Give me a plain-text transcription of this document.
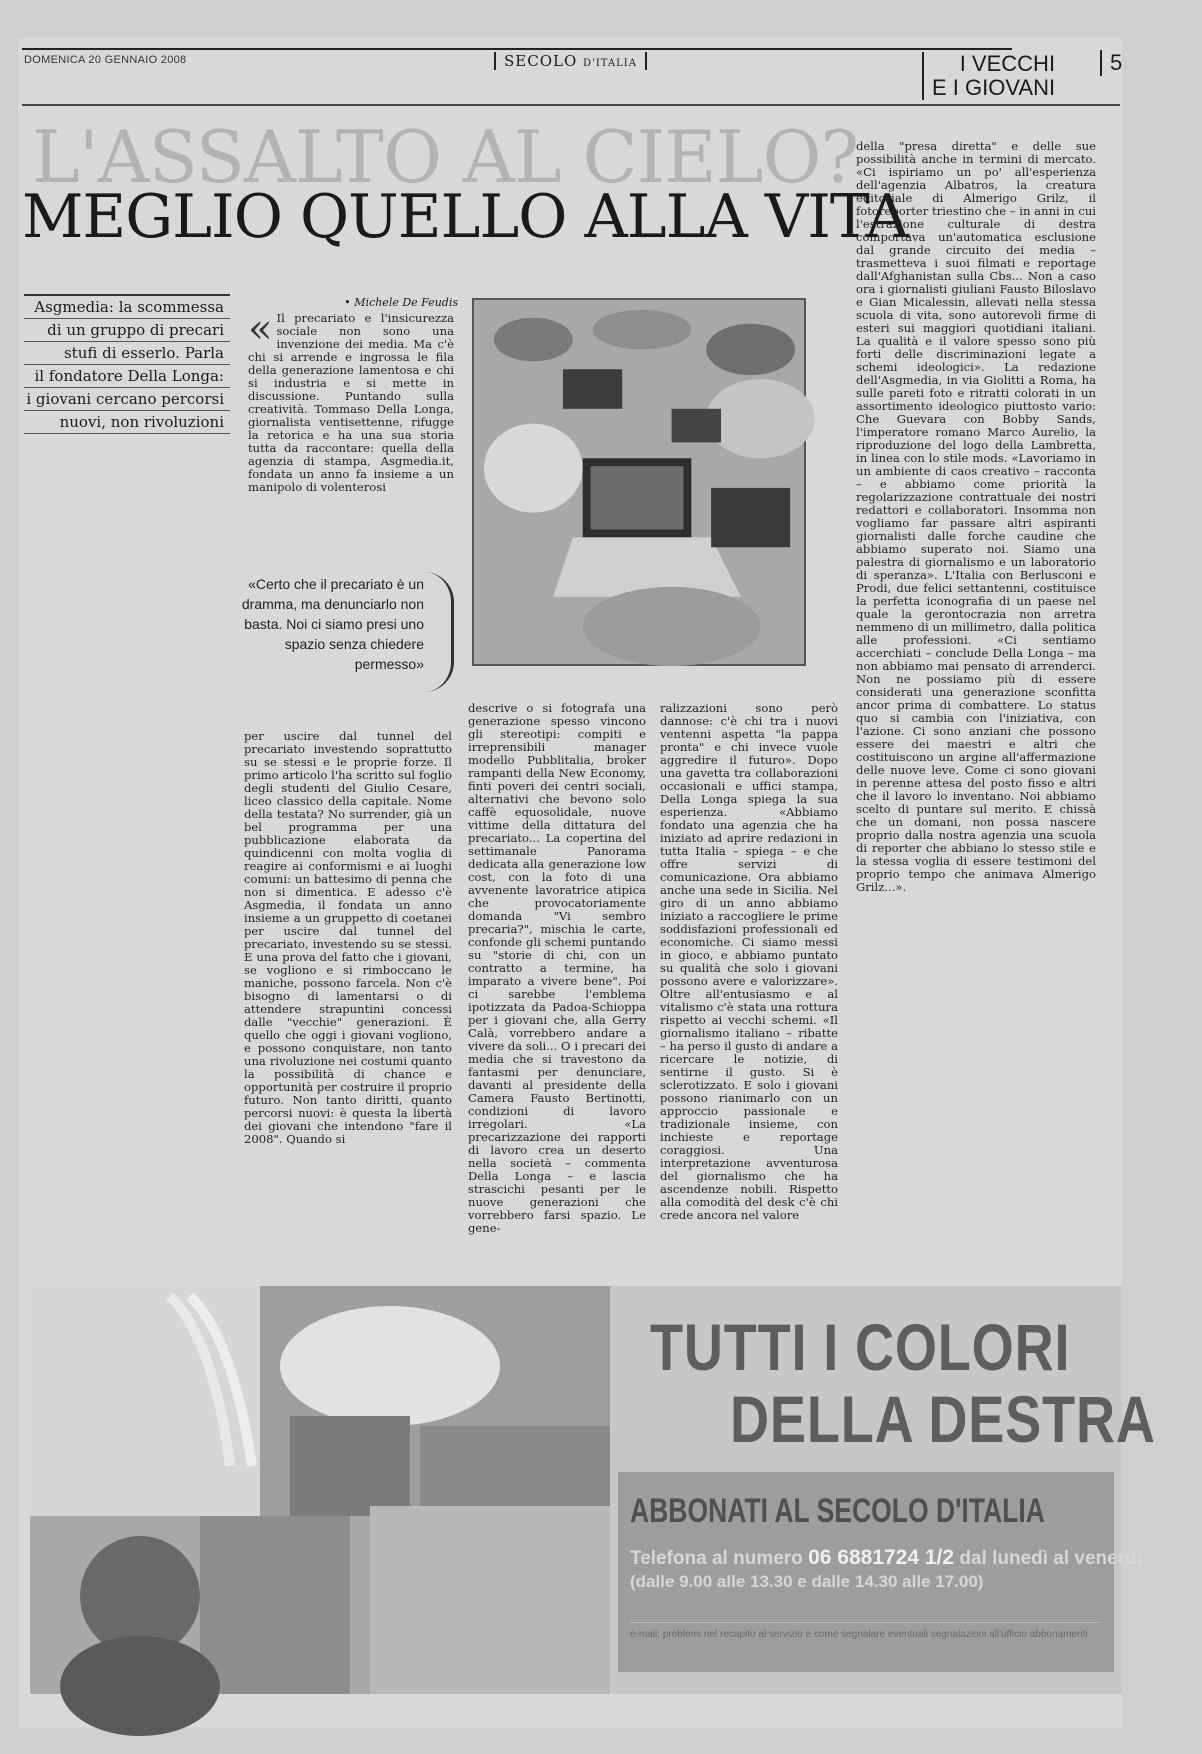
DOMENICA 20 GENNAIO 2008	SECOLO D'ITALIA	I VECCHI
E I GIOVANI
5
L'ASSALTO AL CIELO?
MEGLIO QUELLO ALLA VITA
Asgmedia: la scommessa
di un gruppo di precari
stufi di esserlo. Parla
il fondatore Della Longa:
i giovani cercano percorsi
nuovi, non rivoluzioni
• Michele De Feudis
« Il precariato e l'insicurezza sociale non sono una invenzione dei media. Ma c'è chi si arrende e ingrossa le fila della generazione lamentosa e chi si industria e si mette in discussione. Puntando sulla creatività. Tommaso Della Longa, giornalista ventisettenne, rifugge la retorica e ha una sua storia tutta da raccontare: quella della agenzia di stampa, Asgmedia.it, fondata un anno fa insieme a un manipolo di volenterosi
«Certo che il precariato è un dramma, ma denunciarlo non basta. Noi ci siamo presi uno spazio senza chiedere permesso»
per uscire dal tunnel del precariato investendo soprattutto su se stessi e le proprie forze. Il primo articolo l'ha scritto sul foglio degli studenti del Giulio Cesare, liceo classico della capitale. Nome della testata? No surrender, già un bel programma per una pubblicazione elaborata da quindicenni con molta voglia di reagire ai conformismi e ai luoghi comuni: un battesimo di penna che non si dimentica. E adesso c'è Asgmedia, il fondata un anno insieme a un gruppetto di coetanei per uscire dal tunnel del precariato, investendo su se stessi. E una prova del fatto che i giovani, se vogliono e si rimboccano le maniche, possono farcela. Non c'è bisogno di lamentarsi o di attendere strapuntini concessi dalle "vecchie" generazioni. È quello che oggi i giovani vogliono, e possono conquistare, non tanto una rivoluzione nei costumi quanto la possibilità di chance e opportunità per costruire il proprio futuro. Non tanto diritti, quanto percorsi nuovi: è questa la libertà dei giovani che intendono "fare il 2008". Quando si
descrive o si fotografa una generazione spesso vincono gli stereotipi: compiti e irreprensibili manager modello Pubblitalia, broker rampanti della New Economy, finti poveri dei centri sociali, alternativi che bevono solo caffè equosolidale, nuove vittime della dittatura del precariato... La copertina del settimanale Panorama dedicata alla generazione low cost, con la foto di una avvenente lavoratrice atipica che provocatoriamente domanda "Vi sembro precaria?", mischia le carte, confonde gli schemi puntando su "storie di chi, con un contratto a termine, ha imparato a vivere bene". Poi ci sarebbe l'emblema ipotizzata da Padoa-Schioppa per i giovani che, alla Gerry Calà, vorrebbero andare a vivere da soli... O i precari dei media che si travestono da fantasmi per denunciare, davanti al presidente della Camera Fausto Bertinotti, condizioni di lavoro irregolari. «La precarizzazione dei rapporti di lavoro crea un deserto nella società – commenta Della Longa – e lascia strascichi pesanti per le nuove generazioni che vorrebbero farsi spazio. Le gene-
ralizzazioni sono però dannose: c'è chi tra i nuovi ventenni aspetta "la pappa pronta" e chi invece vuole aggredire il futuro». Dopo una gavetta tra collaborazioni occasionali e uffici stampa, Della Longa spiega la sua esperienza. «Abbiamo fondato una agenzia che ha iniziato ad aprire redazioni in tutta Italia – spiega – e che offre servizi di comunicazione. Ora abbiamo anche una sede in Sicilia. Nel giro di un anno abbiamo iniziato a raccogliere le prime soddisfazioni professionali ed economiche. Ci siamo messi in gioco, e abbiamo puntato su qualità che solo i giovani possono avere e valorizzare». Oltre all'entusiasmo e al vitalismo c'è stata una rottura rispetto ai vecchi schemi. «Il giornalismo italiano – ribatte – ha perso il gusto di andare a ricercare le notizie, di sentirne il gusto. Si è sclerotizzato. E solo i giovani possono rianimarlo con un approccio passionale e tradizionale insieme, con inchieste e reportage coraggiosi. Una interpretazione avventurosa del giornalismo che ha ascendenze nobili. Rispetto alla comodità del desk c'è chi crede ancora nel valore
della "presa diretta" e delle sue possibilità anche in termini di mercato. «Ci ispiriamo un po' all'esperienza dell'agenzia Albatros, la creatura editoriale di Almerigo Grilz, il fotoreporter triestino che – in anni in cui l'estrazione culturale di destra comportava un'automatica esclusione dal grande circuito dei media – trasmetteva i suoi filmati e reportage dall'Afghanistan sulla Cbs... Non a caso ora i giornalisti giuliani Fausto Biloslavo e Gian Micalessin, allevati nella stessa scuola di vita, sono autorevoli firme di esteri sui maggiori quotidiani italiani. La qualità e il valore spesso sono più forti delle discriminazioni legate a schemi ideologici». La redazione dell'Asgmedia, in via Giolitti a Roma, ha sulle pareti foto e ritratti colorati in un assortimento ideologico piuttosto vario: Che Guevara con Bobby Sands, l'imperatore romano Marco Aurelio, la riproduzione del logo della Lambretta, in linea con lo stile mods. «Lavoriamo in un ambiente di caos creativo – racconta – e abbiamo come priorità la regolarizzazione contrattuale dei nostri redattori e collaboratori. Insomma non vogliamo far passare altri aspiranti giornalisti dalle forche caudine che abbiamo superato noi. Siamo una palestra di giornalismo e un laboratorio di speranza». L'Italia con Berlusconi e Prodi, due felici settantenni, costituisce la perfetta iconografia di un paese nel quale la gerontocrazia non arretra nemmeno di un millimetro, dalla politica alle professioni. «Ci sentiamo accerchiati – conclude Della Longa – ma non abbiamo mai pensato di arrenderci. Non ne possiamo più di essere considerati una generazione sconfitta ancor prima di combattere. Lo status quo si cambia con l'iniziativa, con l'azione. Ci sono anziani che possono essere dei maestri e altri che costituiscono un argine all'affermazione delle nuove leve. Come ci sono giovani in perenne attesa del posto fisso e altri che il lavoro lo inventano. Noi abbiamo scelto di puntare sul merito. E chissà che un domani, non possa nascere proprio dalla nostra agenzia una scuola di reporter che abbiano lo stesso stile e la stessa voglia di essere testimoni del proprio tempo che animava Almerigo Grilz...».
TUTTI I COLORI
DELLA DESTRA
ABBONATI AL SECOLO D'ITALIA
Telefona al numero 06 6881724 1/2 dal lunedì al venerdì
(dalle 9.00 alle 13.30 e dalle 14.30 alle 17.00)
e-mail: problemi nel recapito al servizio e come segnalare eventuali segnalazioni all'ufficio abbonamenti
